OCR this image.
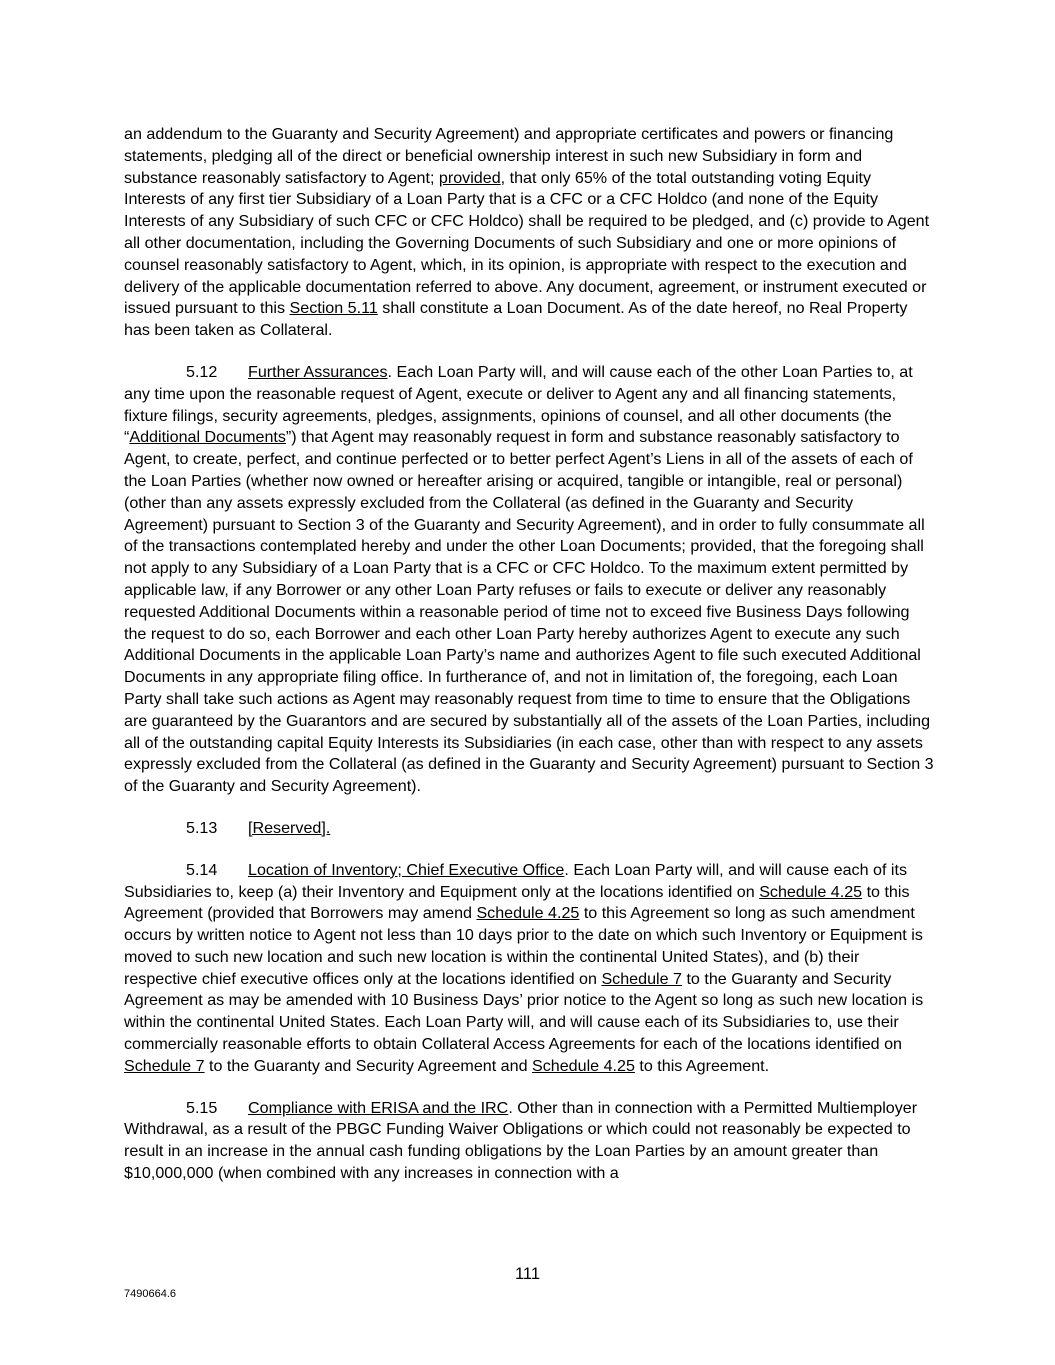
an addendum to the Guaranty and Security Agreement) and appropriate certificates and powers or financing statements, pledging all of the direct or beneficial ownership interest in such new Subsidiary in form and substance reasonably satisfactory to Agent; provided, that only 65% of the total outstanding voting Equity Interests of any first tier Subsidiary of a Loan Party that is a CFC or a CFC Holdco (and none of the Equity Interests of any Subsidiary of such CFC or CFC Holdco) shall be required to be pledged, and (c) provide to Agent all other documentation, including the Governing Documents of such Subsidiary and one or more opinions of counsel reasonably satisfactory to Agent, which, in its opinion, is appropriate with respect to the execution and delivery of the applicable documentation referred to above. Any document, agreement, or instrument executed or issued pursuant to this Section 5.11 shall constitute a Loan Document. As of the date hereof, no Real Property has been taken as Collateral.

5.12 Further Assurances. Each Loan Party will, and will cause each of the other Loan Parties to, at any time upon the reasonable request of Agent, execute or deliver to Agent any and all financing statements, fixture filings, security agreements, pledges, assignments, opinions of counsel, and all other documents (the “Additional Documents”) that Agent may reasonably request in form and substance reasonably satisfactory to Agent, to create, perfect, and continue perfected or to better perfect Agent’s Liens in all of the assets of each of the Loan Parties (whether now owned or hereafter arising or acquired, tangible or intangible, real or personal) (other than any assets expressly excluded from the Collateral (as defined in the Guaranty and Security Agreement) pursuant to Section 3 of the Guaranty and Security Agreement), and in order to fully consummate all of the transactions contemplated hereby and under the other Loan Documents; provided, that the foregoing shall not apply to any Subsidiary of a Loan Party that is a CFC or CFC Holdco. To the maximum extent permitted by applicable law, if any Borrower or any other Loan Party refuses or fails to execute or deliver any reasonably requested Additional Documents within a reasonable period of time not to exceed five Business Days following the request to do so, each Borrower and each other Loan Party hereby authorizes Agent to execute any such Additional Documents in the applicable Loan Party’s name and authorizes Agent to file such executed Additional Documents in any appropriate filing office. In furtherance of, and not in limitation of, the foregoing, each Loan Party shall take such actions as Agent may reasonably request from time to time to ensure that the Obligations are guaranteed by the Guarantors and are secured by substantially all of the assets of the Loan Parties, including all of the outstanding capital Equity Interests its Subsidiaries (in each case, other than with respect to any assets expressly excluded from the Collateral (as defined in the Guaranty and Security Agreement) pursuant to Section 3 of the Guaranty and Security Agreement).

5.13 [Reserved].

5.14 Location of Inventory; Chief Executive Office. Each Loan Party will, and will cause each of its Subsidiaries to, keep (a) their Inventory and Equipment only at the locations identified on Schedule 4.25 to this Agreement (provided that Borrowers may amend Schedule 4.25 to this Agreement so long as such amendment occurs by written notice to Agent not less than 10 days prior to the date on which such Inventory or Equipment is moved to such new location and such new location is within the continental United States), and (b) their respective chief executive offices only at the locations identified on Schedule 7 to the Guaranty and Security Agreement as may be amended with 10 Business Days’ prior notice to the Agent so long as such new location is within the continental United States. Each Loan Party will, and will cause each of its Subsidiaries to, use their commercially reasonable efforts to obtain Collateral Access Agreements for each of the locations identified on Schedule 7 to the Guaranty and Security Agreement and Schedule 4.25 to this Agreement.

5.15 Compliance with ERISA and the IRC. Other than in connection with a Permitted Multiemployer Withdrawal, as a result of the PBGC Funding Waiver Obligations or which could not reasonably be expected to result in an increase in the annual cash funding obligations by the Loan Parties by an amount greater than $10,000,000 (when combined with any increases in connection with a

111
7490664.6
